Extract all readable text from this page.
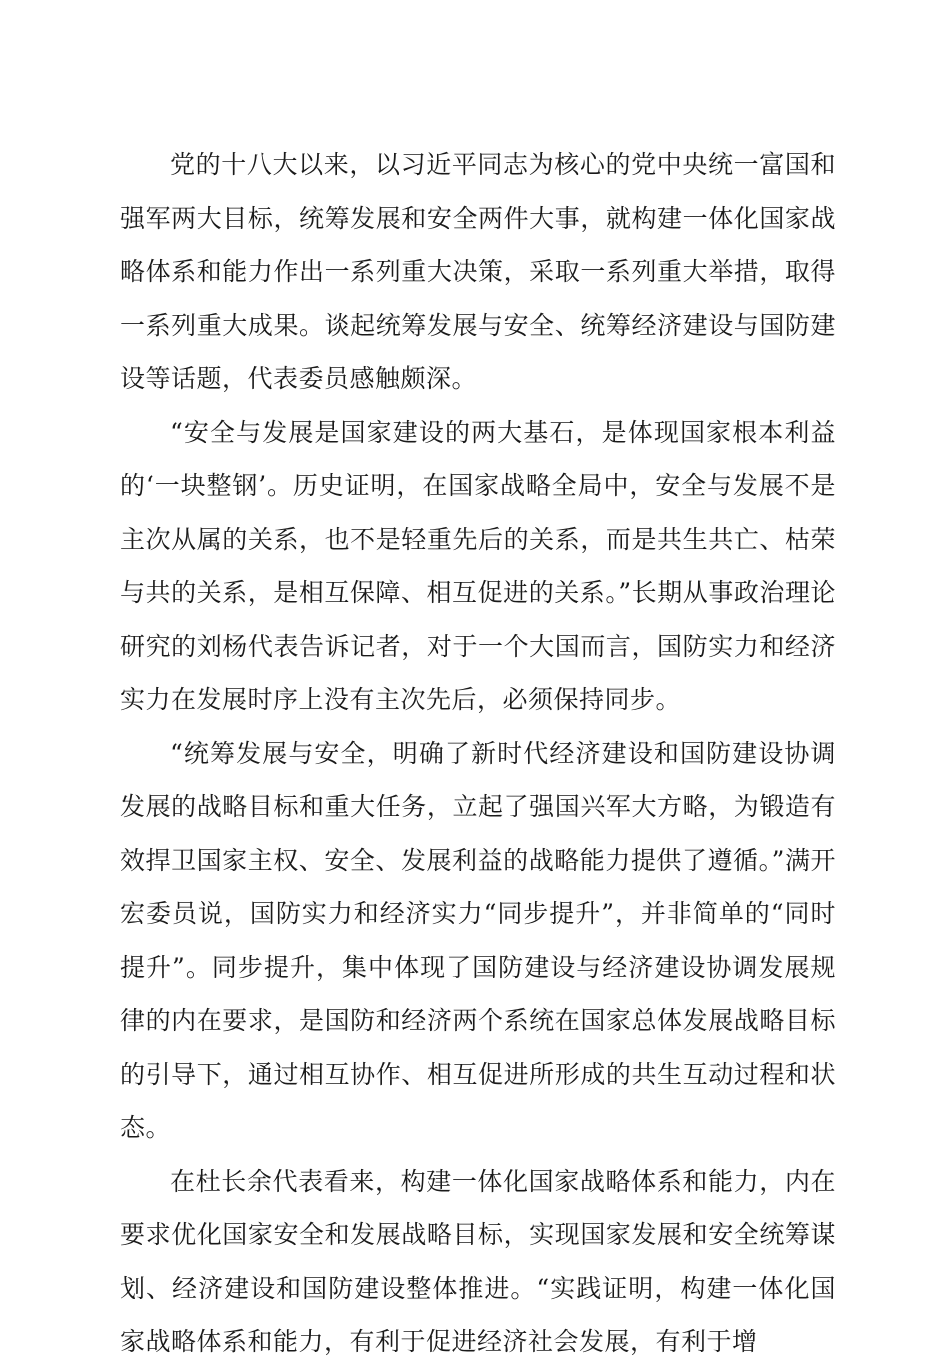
党的十八大以来，以习近平同志为核心的党中央统一富国和强军两大目标，统筹发展和安全两件大事，就构建一体化国家战略体系和能力作出一系列重大决策，采取一系列重大举措，取得一系列重大成果。谈起统筹发展与安全、统筹经济建设与国防建设等话题，代表委员感触颇深。

“安全与发展是国家建设的两大基石，是体现国家根本利益的‘一块整钢’。历史证明，在国家战略全局中，安全与发展不是主次从属的关系，也不是轻重先后的关系，而是共生共亡、枯荣与共的关系，是相互保障、相互促进的关系。”长期从事政治理论研究的刘杨代表告诉记者，对于一个大国而言，国防实力和经济实力在发展时序上没有主次先后，必须保持同步。

“统筹发展与安全，明确了新时代经济建设和国防建设协调发展的战略目标和重大任务，立起了强国兴军大方略，为锻造有效捍卫国家主权、安全、发展利益的战略能力提供了遵循。”满开宏委员说，国防实力和经济实力“同步提升”，并非简单的“同时提升”。同步提升，集中体现了国防建设与经济建设协调发展规律的内在要求，是国防和经济两个系统在国家总体发展战略目标的引导下，通过相互协作、相互促进所形成的共生互动过程和状态。

在杜长余代表看来，构建一体化国家战略体系和能力，内在要求优化国家安全和发展战略目标，实现国家发展和安全统筹谋划、经济建设和国防建设整体推进。“实践证明，构建一体化国家战略体系和能力，有利于促进经济社会发展，有利于增
